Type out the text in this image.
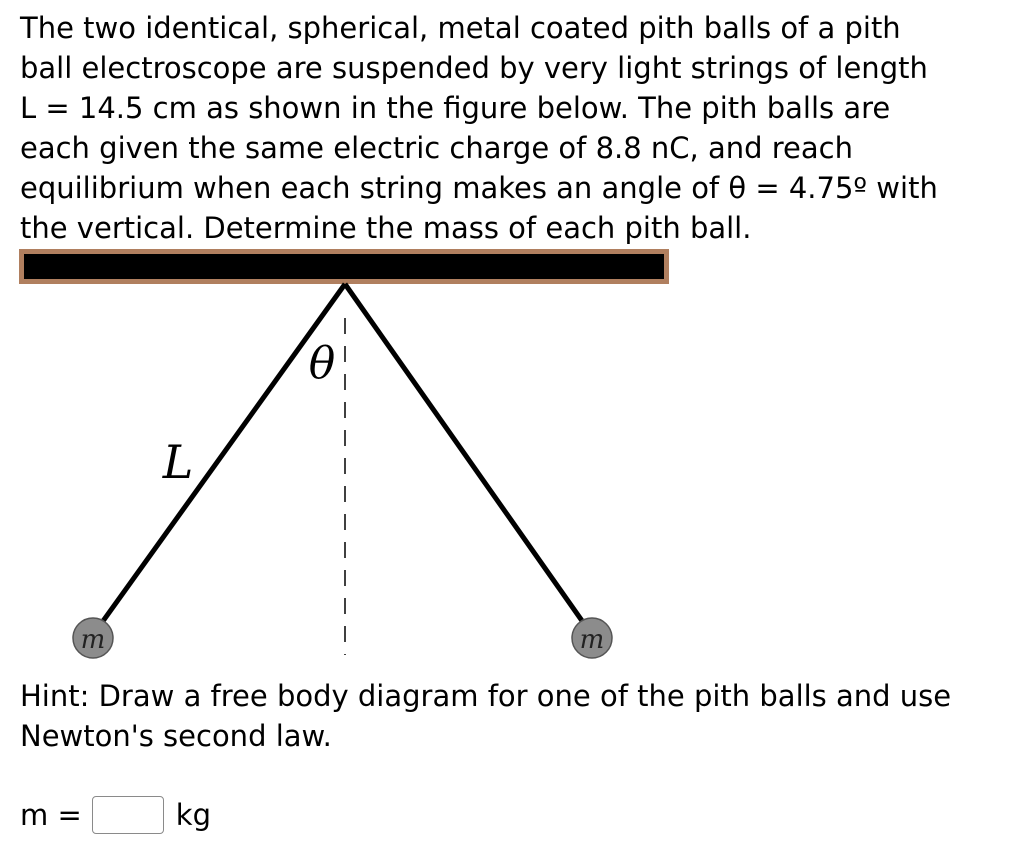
The two identical, spherical, metal coated pith balls of a pith
ball electroscope are suspended by very light strings of length
L = 14.5 cm as shown in the figure below. The pith balls are
each given the same electric charge of 8.8 nC, and reach
equilibrium when each string makes an angle of θ = 4.75º with
the vertical. Determine the mass of each pith ball.
m	m
L
θ
Hint: Draw a free body diagram for one of the pith balls and use
Newton's second law.
m =	kg
